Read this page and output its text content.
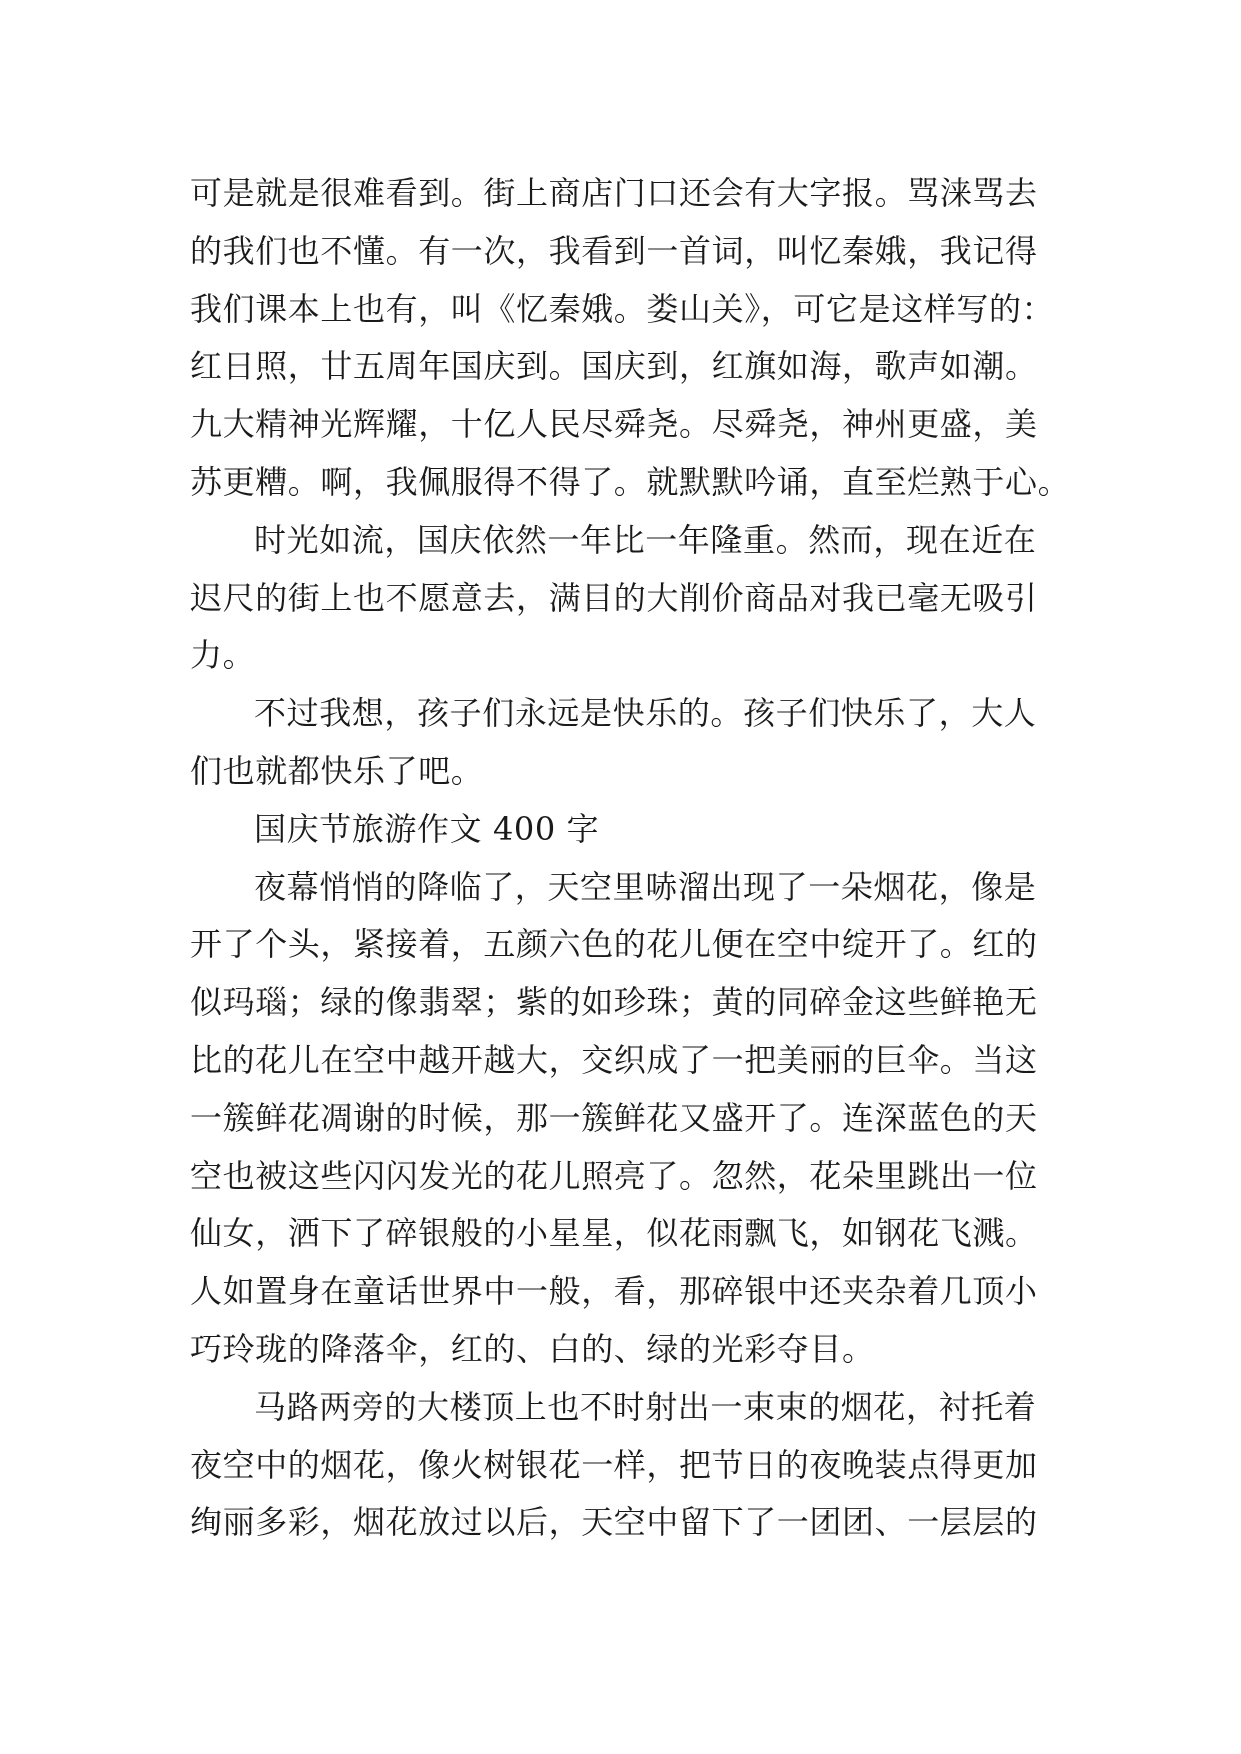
可是就是很难看到。街上商店门口还会有大字报。骂涞骂去
的我们也不懂。有一次，我看到一首词，叫忆秦娥，我记得
我们课本上也有，叫《忆秦娥。娄山关》，可它是这样写的：
红日照，廿五周年国庆到。国庆到，红旗如海，歌声如潮。
九大精神光辉耀，十亿人民尽舜尧。尽舜尧，神州更盛，美
苏更糟。啊，我佩服得不得了。就默默吟诵，直至烂熟于心。
时光如流，国庆依然一年比一年隆重。然而，现在近在
迟尺的街上也不愿意去，满目的大削价商品对我已毫无吸引
力。
不过我想，孩子们永远是快乐的。孩子们快乐了，大人
们也就都快乐了吧。
国庆节旅游作文 400 字
夜幕悄悄的降临了，天空里哧溜出现了一朵烟花，像是
开了个头，紧接着，五颜六色的花儿便在空中绽开了。红的
似玛瑙；绿的像翡翠；紫的如珍珠；黄的同碎金这些鲜艳无
比的花儿在空中越开越大，交织成了一把美丽的巨伞。当这
一簇鲜花凋谢的时候，那一簇鲜花又盛开了。连深蓝色的天
空也被这些闪闪发光的花儿照亮了。忽然，花朵里跳出一位
仙女，洒下了碎银般的小星星，似花雨飘飞，如钢花飞溅。
人如置身在童话世界中一般，看，那碎银中还夹杂着几顶小
巧玲珑的降落伞，红的、白的、绿的光彩夺目。
马路两旁的大楼顶上也不时射出一束束的烟花，衬托着
夜空中的烟花，像火树银花一样，把节日的夜晚装点得更加
绚丽多彩，烟花放过以后，天空中留下了一团团、一层层的
